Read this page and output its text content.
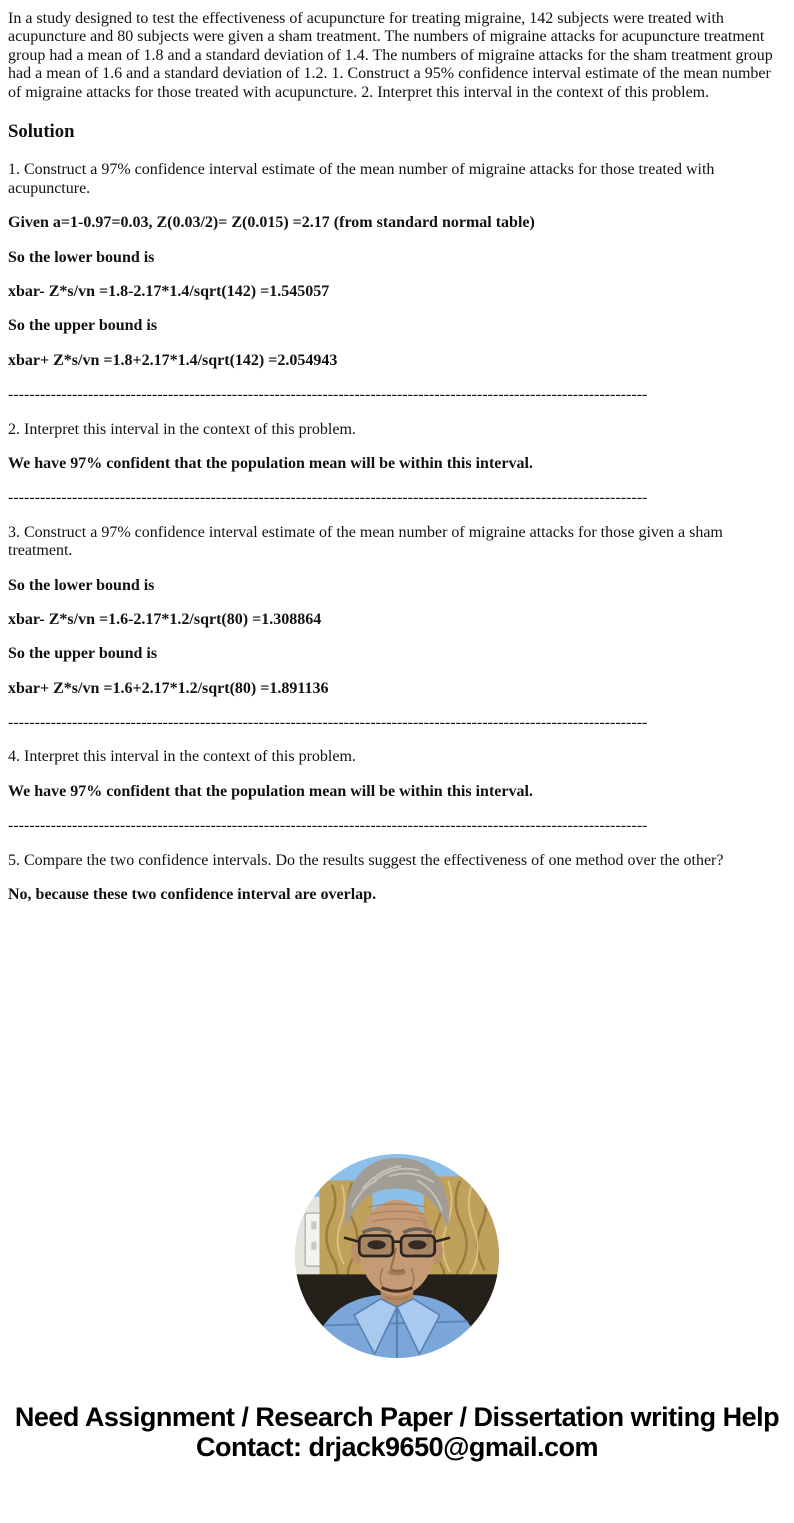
In a study designed to test the effectiveness of acupuncture for treating migraine, 142 subjects were treated with acupuncture and 80 subjects were given a sham treatment. The numbers of migraine attacks for acupuncture treatment group had a mean of 1.8 and a standard deviation of 1.4. The numbers of migraine attacks for the sham treatment group had a mean of 1.6 and a standard deviation of 1.2. 1. Construct a 95% confidence interval estimate of the mean number of migraine attacks for those treated with acupuncture. 2. Interpret this interval in the context of this problem.

Solution

1. Construct a 97% confidence interval estimate of the mean number of migraine attacks for those treated with acupuncture.

Given a=1-0.97=0.03, Z(0.03/2)= Z(0.015) =2.17 (from standard normal table)

So the lower bound is

xbar- Z*s/vn =1.8-2.17*1.4/sqrt(142) =1.545057

So the upper bound is

xbar+ Z*s/vn =1.8+2.17*1.4/sqrt(142) =2.054943

------------------------------------------------------------------------------------------------------------------------

2. Interpret this interval in the context of this problem.

We have 97% confident that the population mean will be within this interval.

------------------------------------------------------------------------------------------------------------------------

3. Construct a 97% confidence interval estimate of the mean number of migraine attacks for those given a sham treatment.

So the lower bound is

xbar- Z*s/vn =1.6-2.17*1.2/sqrt(80) =1.308864

So the upper bound is

xbar+ Z*s/vn =1.6+2.17*1.2/sqrt(80) =1.891136

------------------------------------------------------------------------------------------------------------------------

4. Interpret this interval in the context of this problem.

We have 97% confident that the population mean will be within this interval.

------------------------------------------------------------------------------------------------------------------------

5. Compare the two confidence intervals. Do the results suggest the effectiveness of one method over the other?

No, because these two confidence interval are overlap.

Need Assignment / Research Paper / Dissertation writing Help
Contact: drjack9650@gmail.com
